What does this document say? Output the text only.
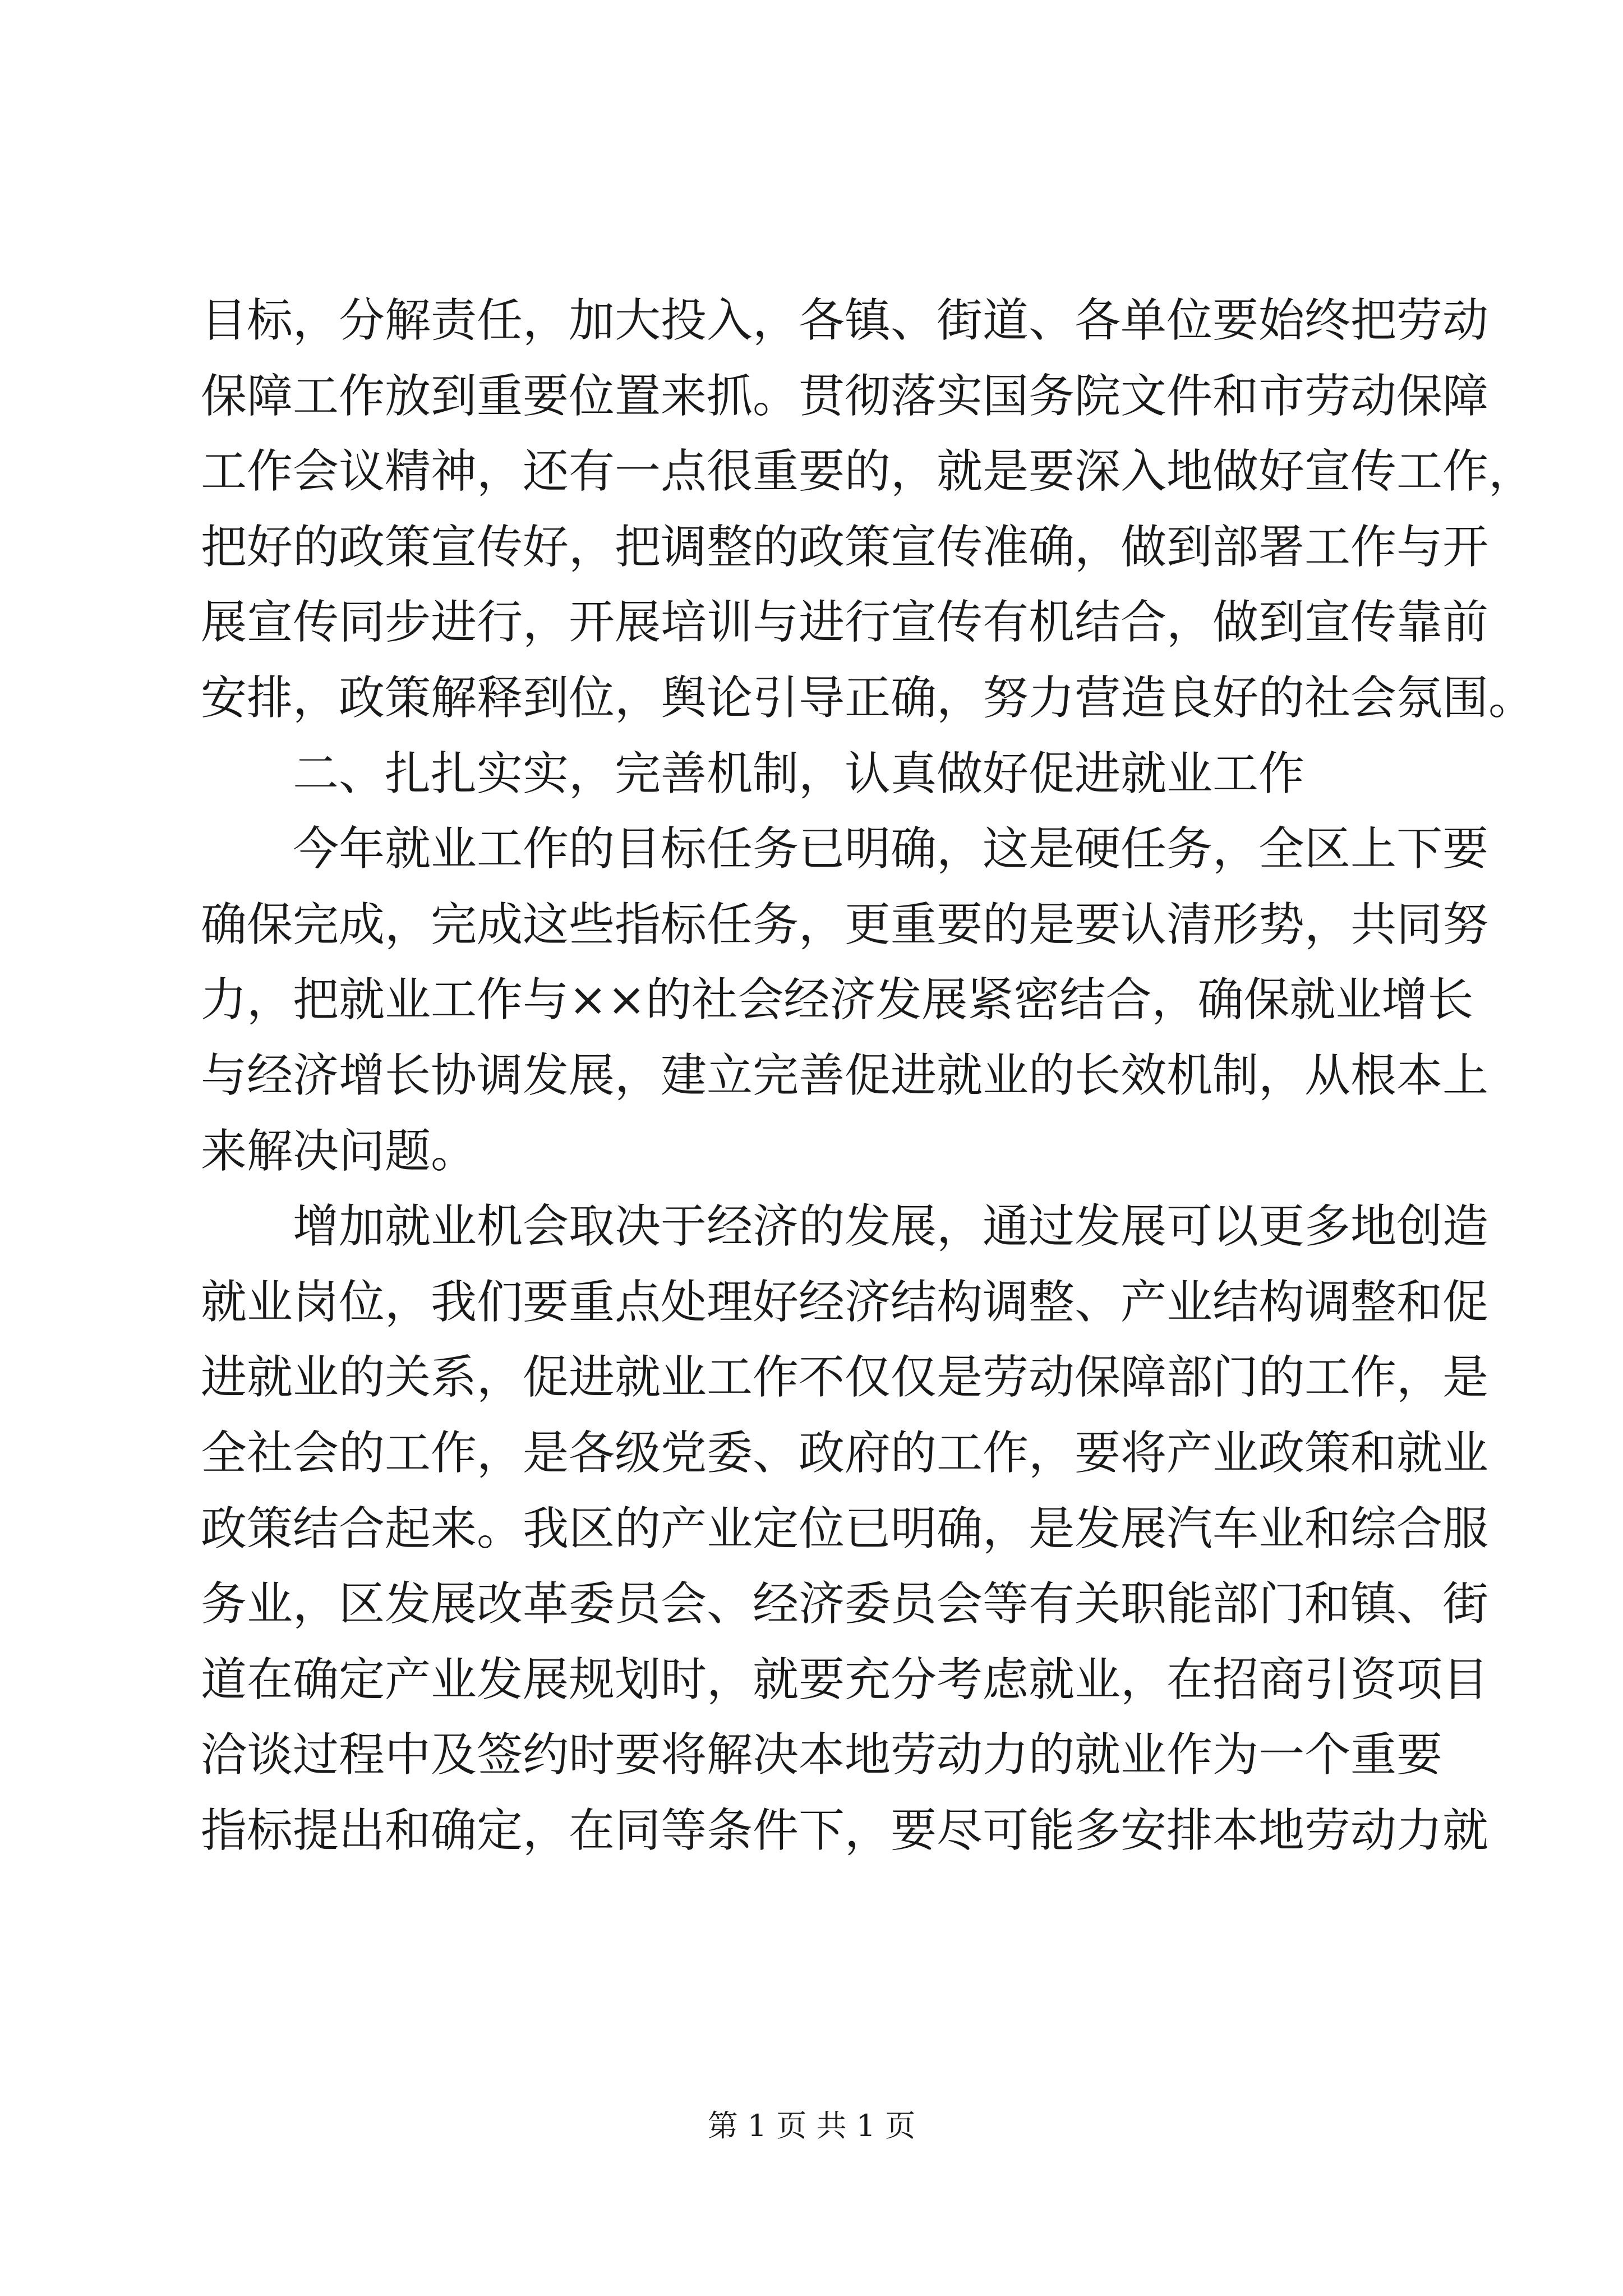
目标，分解责任，加大投入，各镇、街道、各单位要始终把劳动
保障工作放到重要位置来抓。贯彻落实国务院文件和市劳动保障
工作会议精神，还有一点很重要的，就是要深入地做好宣传工作，
把好的政策宣传好，把调整的政策宣传准确，做到部署工作与开
展宣传同步进行，开展培训与进行宣传有机结合，做到宣传靠前
安排，政策解释到位，舆论引导正确，努力营造良好的社会氛围。
二、扎扎实实，完善机制，认真做好促进就业工作
今年就业工作的目标任务已明确，这是硬任务，全区上下要
确保完成，完成这些指标任务，更重要的是要认清形势，共同努
力，把就业工作与××的社会经济发展紧密结合，确保就业增长
与经济增长协调发展，建立完善促进就业的长效机制，从根本上
来解决问题。
增加就业机会取决于经济的发展，通过发展可以更多地创造
就业岗位，我们要重点处理好经济结构调整、产业结构调整和促
进就业的关系，促进就业工作不仅仅是劳动保障部门的工作，是
全社会的工作，是各级党委、政府的工作，要将产业政策和就业
政策结合起来。我区的产业定位已明确，是发展汽车业和综合服
务业，区发展改革委员会、经济委员会等有关职能部门和镇、街
道在确定产业发展规划时，就要充分考虑就业，在招商引资项目
洽谈过程中及签约时要将解决本地劳动力的就业作为一个重要
指标提出和确定，在同等条件下，要尽可能多安排本地劳动力就
第 1 页 共 1 页
